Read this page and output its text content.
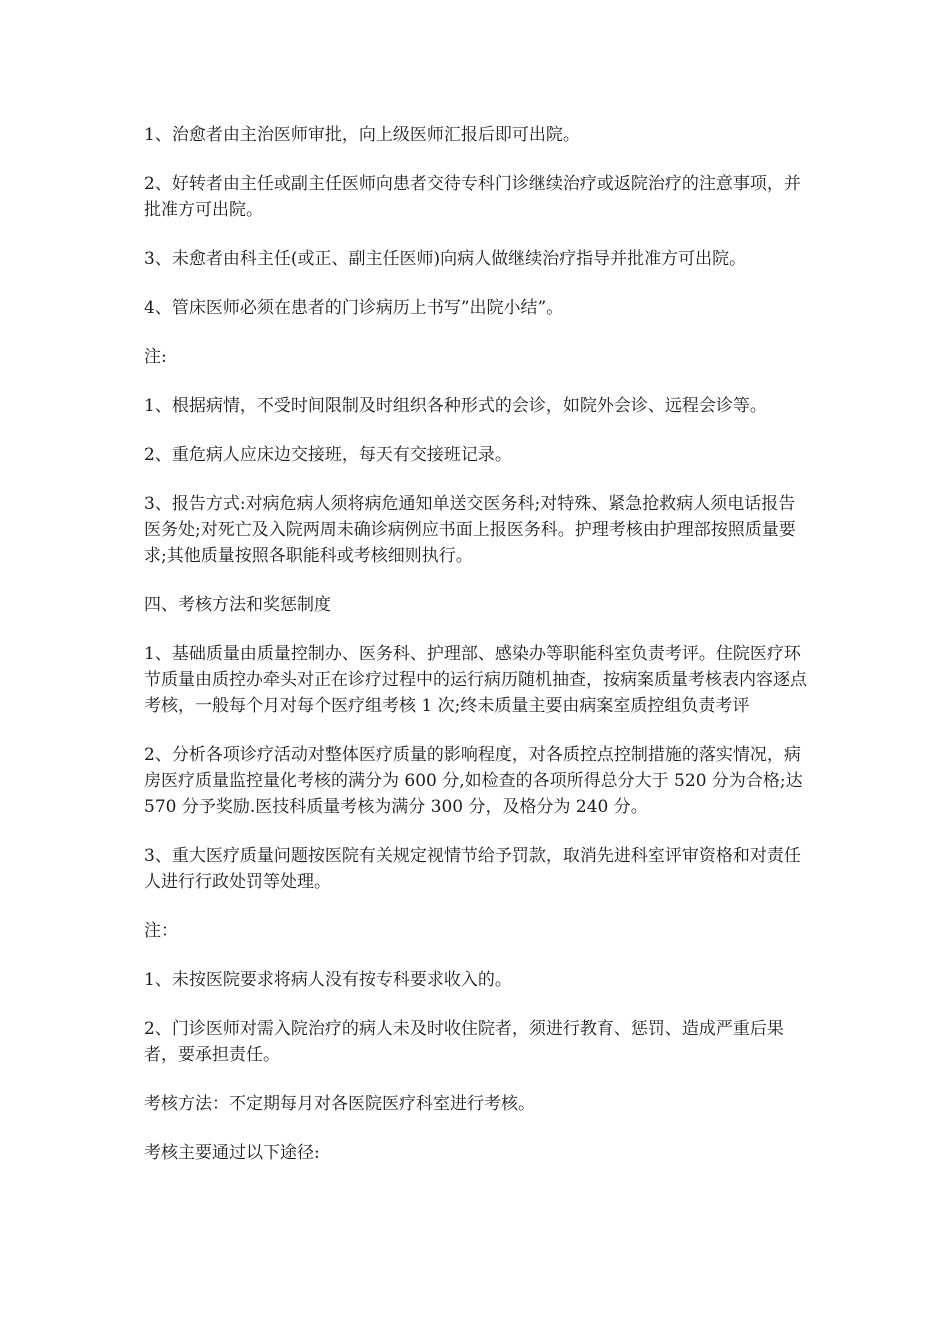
1、治愈者由主治医师审批，向上级医师汇报后即可出院。

2、好转者由主任或副主任医师向患者交待专科门诊继续治疗或返院治疗的注意事项，并批准方可出院。

3、未愈者由科主任(或正、副主任医师)向病人做继续治疗指导并批准方可出院。

4、管床医师必须在患者的门诊病历上书写”出院小结”。

注:

1、根据病情，不受时间限制及时组织各种形式的会诊，如院外会诊、远程会诊等。

2、重危病人应床边交接班，每天有交接班记录。

3、报告方式:对病危病人须将病危通知单送交医务科;对特殊、紧急抢救病人须电话报告医务处;对死亡及入院两周未确诊病例应书面上报医务科。护理考核由护理部按照质量要求;其他质量按照各职能科或考核细则执行。

四、考核方法和奖惩制度

1、基础质量由质量控制办、医务科、护理部、感染办等职能科室负责考评。住院医疗环节质量由质控办牵头对正在诊疗过程中的运行病历随机抽查，按病案质量考核表内容逐点考核，一般每个月对每个医疗组考核 1 次;终未质量主要由病案室质控组负责考评

2、分析各项诊疗活动对整体医疗质量的影响程度，对各质控点控制措施的落实情况，病房医疗质量监控量化考核的满分为 600 分,如检查的各项所得总分大于 520 分为合格;达 570 分予奖励.医技科质量考核为满分 300 分，及格分为 240 分。

3、重大医疗质量问题按医院有关规定视情节给予罚款，取消先进科室评审资格和对责任人进行行政处罚等处理。

注：

1、未按医院要求将病人没有按专科要求收入的。

2、门诊医师对需入院治疗的病人未及时收住院者，须进行教育、惩罚、造成严重后果者，要承担责任。

考核方法：不定期每月对各医院医疗科室进行考核。

考核主要通过以下途径:
